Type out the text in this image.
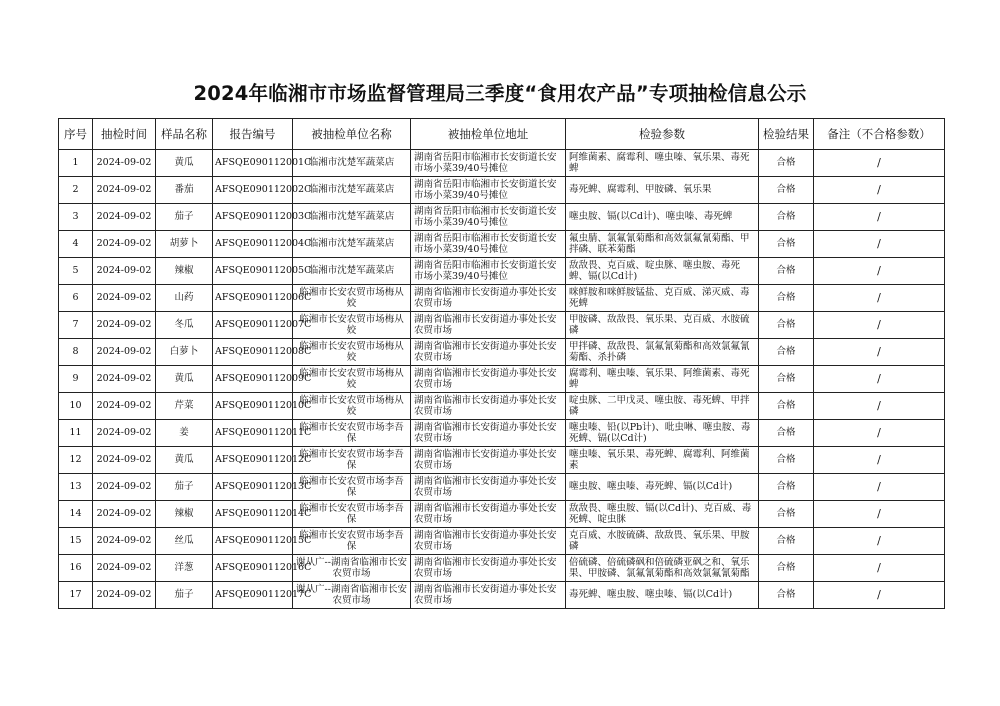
2024年临湘市市场监督管理局三季度“食用农产品”专项抽检信息公示
序号	抽检时间	样品名称	报告编号	被抽检单位名称	被抽检单位地址	检验参数	检验结果	备注（不合格参数）
1	2024-09-02	黄瓜	AFSQE090112001C	临湘市沈楚军蔬菜店	湖南省岳阳市临湘市长安街道长安市场小菜39/40号摊位	阿维菌素、腐霉利、噻虫嗪、氧乐果、毒死蜱	合格	/
2	2024-09-02	番茄	AFSQE090112002C	临湘市沈楚军蔬菜店	湖南省岳阳市临湘市长安街道长安市场小菜39/40号摊位	毒死蜱、腐霉利、甲胺磷、氧乐果	合格	/
3	2024-09-02	茄子	AFSQE090112003C	临湘市沈楚军蔬菜店	湖南省岳阳市临湘市长安街道长安市场小菜39/40号摊位	噻虫胺、镉(以Cd计)、噻虫嗪、毒死蜱	合格	/
4	2024-09-02	胡萝卜	AFSQE090112004C	临湘市沈楚军蔬菜店	湖南省岳阳市临湘市长安街道长安市场小菜39/40号摊位	氟虫腈、氯氟氰菊酯和高效氯氟氰菊酯、甲拌磷、联苯菊酯	合格	/
5	2024-09-02	辣椒	AFSQE090112005C	临湘市沈楚军蔬菜店	湖南省岳阳市临湘市长安街道长安市场小菜39/40号摊位	敌敌畏、克百威、啶虫脒、噻虫胺、毒死蜱、镉(以Cd计)	合格	/
6	2024-09-02	山药	AFSQE090112006C	临湘市长安农贸市场梅从姣	湖南省临湘市长安街道办事处长安农贸市场	咪鲜胺和咪鲜胺锰盐、克百威、涕灭威、毒死蜱	合格	/
7	2024-09-02	冬瓜	AFSQE090112007C	临湘市长安农贸市场梅从姣	湖南省临湘市长安街道办事处长安农贸市场	甲胺磷、敌敌畏、氧乐果、克百威、水胺硫磷	合格	/
8	2024-09-02	白萝卜	AFSQE090112008C	临湘市长安农贸市场梅从姣	湖南省临湘市长安街道办事处长安农贸市场	甲拌磷、敌敌畏、氯氟氰菊酯和高效氯氟氰菊酯、杀扑磷	合格	/
9	2024-09-02	黄瓜	AFSQE090112009C	临湘市长安农贸市场梅从姣	湖南省临湘市长安街道办事处长安农贸市场	腐霉利、噻虫嗪、氧乐果、阿维菌素、毒死蜱	合格	/
10	2024-09-02	芹菜	AFSQE090112010C	临湘市长安农贸市场梅从姣	湖南省临湘市长安街道办事处长安农贸市场	啶虫脒、二甲戊灵、噻虫胺、毒死蜱、甲拌磷	合格	/
11	2024-09-02	姜	AFSQE090112011C	临湘市长安农贸市场李吾保	湖南省临湘市长安街道办事处长安农贸市场	噻虫嗪、铅(以Pb计)、吡虫啉、噻虫胺、毒死蜱、镉(以Cd计)	合格	/
12	2024-09-02	黄瓜	AFSQE090112012C	临湘市长安农贸市场李吾保	湖南省临湘市长安街道办事处长安农贸市场	噻虫嗪、氧乐果、毒死蜱、腐霉利、阿维菌素	合格	/
13	2024-09-02	茄子	AFSQE090112013C	临湘市长安农贸市场李吾保	湖南省临湘市长安街道办事处长安农贸市场	噻虫胺、噻虫嗪、毒死蜱、镉(以Cd计)	合格	/
14	2024-09-02	辣椒	AFSQE090112014C	临湘市长安农贸市场李吾保	湖南省临湘市长安街道办事处长安农贸市场	敌敌畏、噻虫胺、镉(以Cd计)、克百威、毒死蜱、啶虫脒	合格	/
15	2024-09-02	丝瓜	AFSQE090112015C	临湘市长安农贸市场李吾保	湖南省临湘市长安街道办事处长安农贸市场	克百威、水胺硫磷、敌敌畏、氧乐果、甲胺磷	合格	/
16	2024-09-02	洋葱	AFSQE090112016C	谢从广--湖南省临湘市长安农贸市场	湖南省临湘市长安街道办事处长安农贸市场	倍硫磷、倍硫磷砜和倍硫磷亚砜之和、氧乐果、甲胺磷、氯氟氰菊酯和高效氯氟氰菊酯	合格	/
17	2024-09-02	茄子	AFSQE090112017C	谢从广--湖南省临湘市长安农贸市场	湖南省临湘市长安街道办事处长安农贸市场	毒死蜱、噻虫胺、噻虫嗪、镉(以Cd计)	合格	/
